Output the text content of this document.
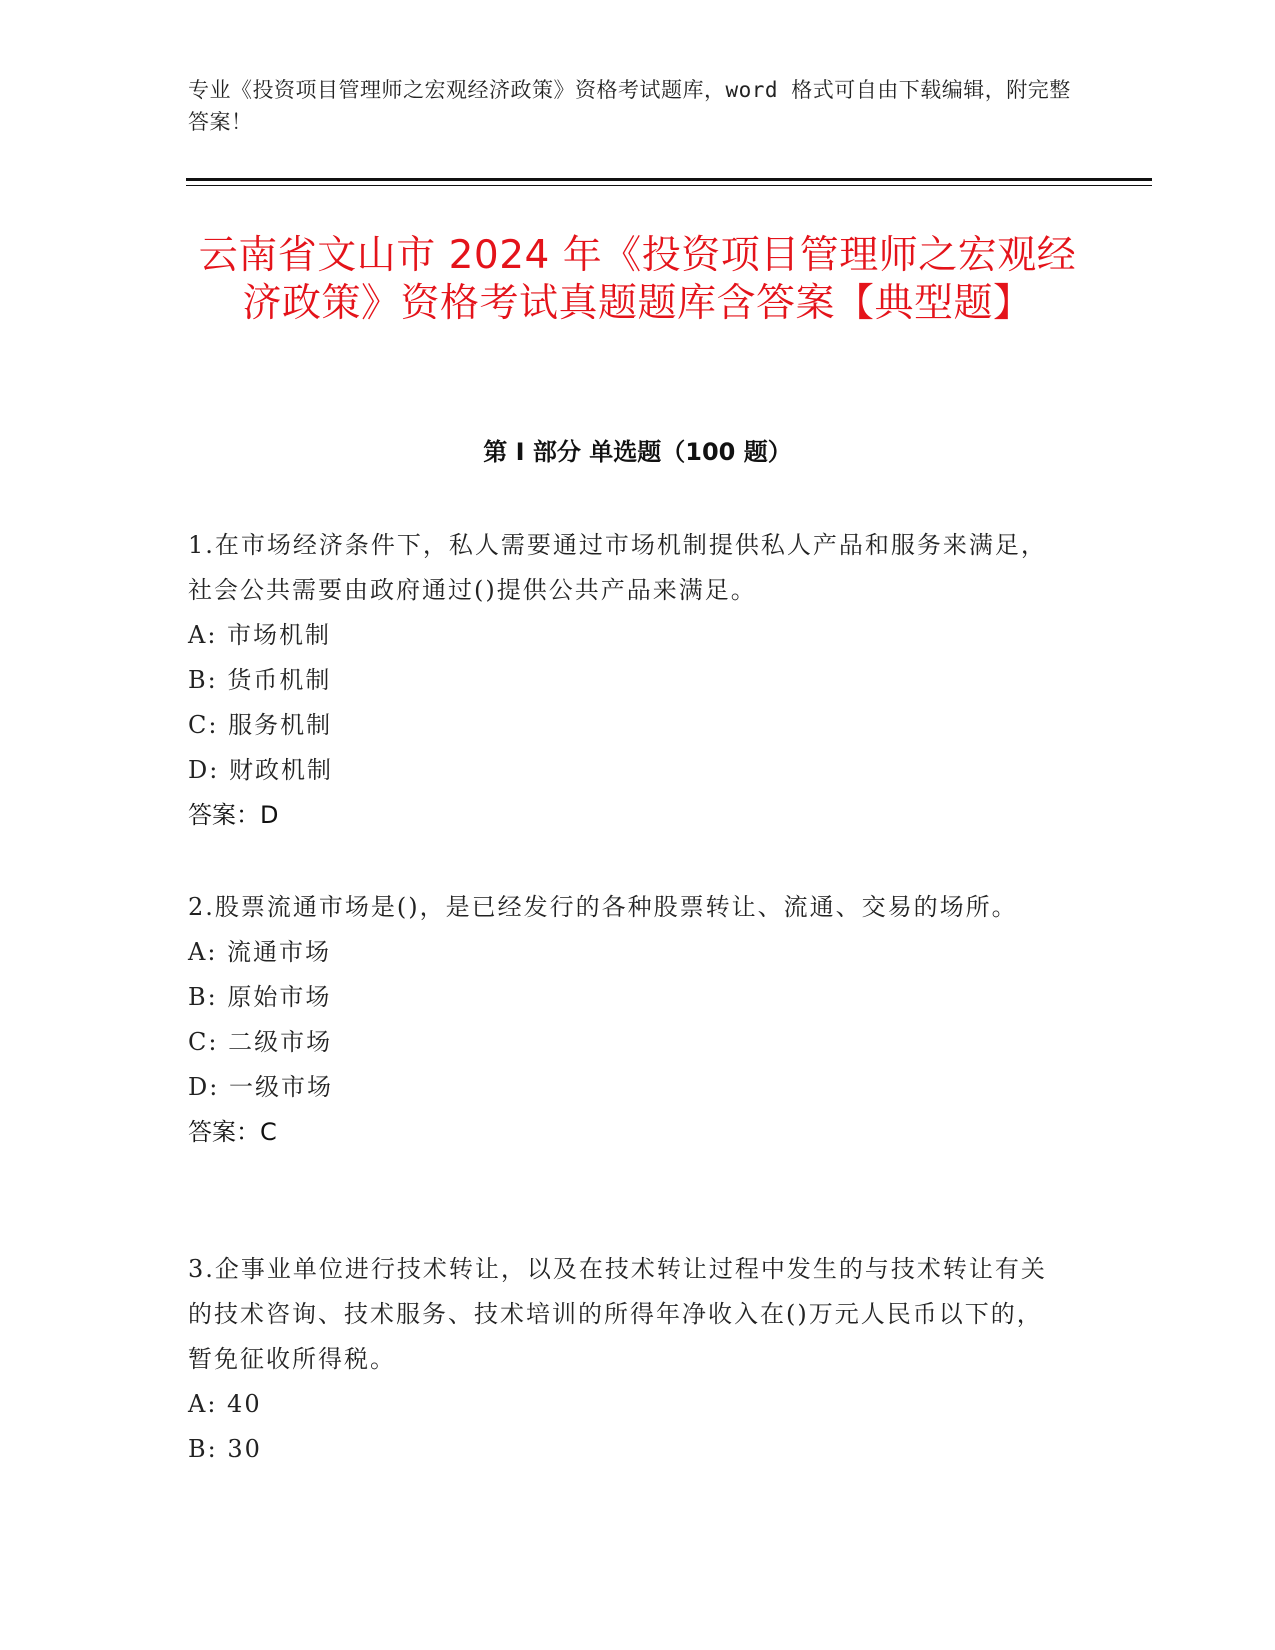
专业《投资项目管理师之宏观经济政策》资格考试题库，word 格式可自由下载编辑，附完整答案！
云南省文山市 2024 年《投资项目管理师之宏观经济政策》资格考试真题题库含答案【典型题】
第 I 部分 单选题（100 题）

1.在市场经济条件下，私人需要通过市场机制提供私人产品和服务来满足，社会公共需要由政府通过()提供公共产品来满足。

A: 市场机制

B: 货币机制

C: 服务机制

D: 财政机制

答案：D

2.股票流通市场是()，是已经发行的各种股票转让、流通、交易的场所。

A: 流通市场

B: 原始市场

C: 二级市场

D: 一级市场

答案：C

3.企事业单位进行技术转让，以及在技术转让过程中发生的与技术转让有关的技术咨询、技术服务、技术培训的所得年净收入在()万元人民币以下的，暂免征收所得税。

A: 40

B: 30
